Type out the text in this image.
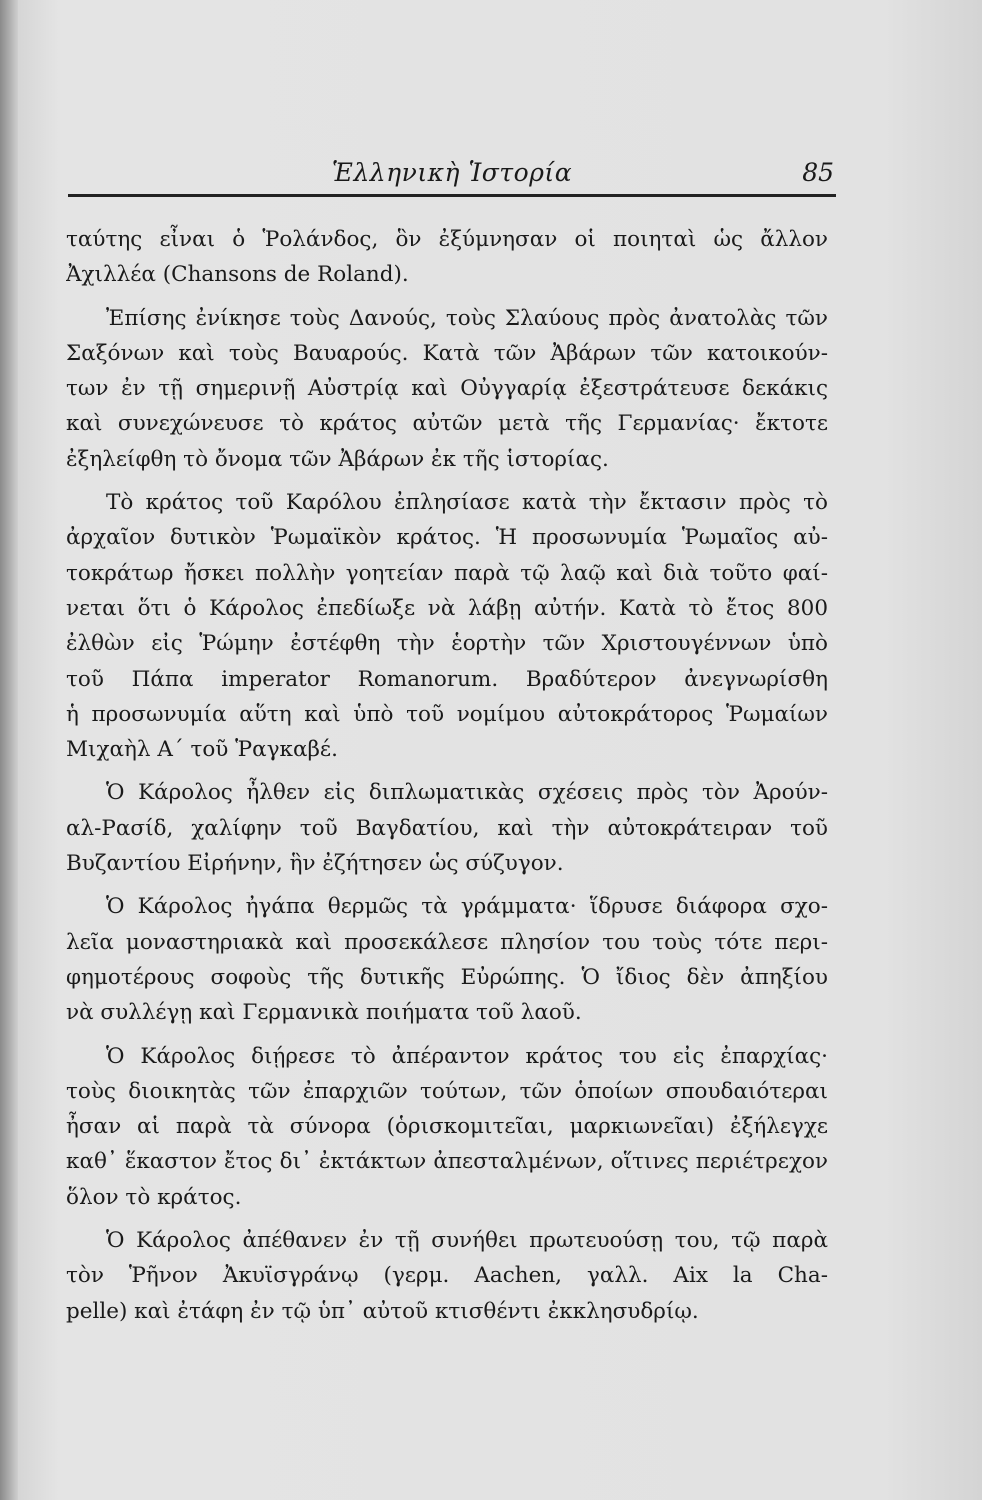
Ἑλληνικὴ Ἱστορία	85
ταύτης εἶναι ὁ Ῥολάνδος, ὃν ἐξύμνησαν οἱ ποιηταὶ ὡς ἄλλον
Ἀχιλλέα (Chansons de Roland).
Ἐπίσης ἐνίκησε τοὺς Δανούς, τοὺς Σλαύους πρὸς ἀνατολὰς τῶν
Σαξόνων καὶ τοὺς Βαυαρούς. Κατὰ τῶν Ἀβάρων τῶν κατοικούν-
των ἐν τῇ σημερινῇ Αὐστρίᾳ καὶ Οὐγγαρίᾳ ἐξεστράτευσε δεκάκις
καὶ συνεχώνευσε τὸ κράτος αὐτῶν μετὰ τῆς Γερμανίας· ἔκτοτε
ἐξηλείφθη τὸ ὄνομα τῶν Ἀβάρων ἐκ τῆς ἱστορίας.
Τὸ κράτος τοῦ Καρόλου ἐπλησίασε κατὰ τὴν ἔκτασιν πρὸς τὸ
ἀρχαῖον δυτικὸν Ῥωμαϊκὸν κράτος. Ἡ προσωνυμία Ῥωμαῖος αὐ-
τοκράτωρ ἤσκει πολλὴν γοητείαν παρὰ τῷ λαῷ καὶ διὰ τοῦτο φαί-
νεται ὅτι ὁ Κάρολος ἐπεδίωξε νὰ λάβῃ αὐτήν. Κατὰ τὸ ἔτος 800
ἐλθὼν εἰς Ῥώμην ἐστέφθη τὴν ἑορτὴν τῶν Χριστουγέννων ὑπὸ
τοῦ Πάπα imperator Romanorum. Βραδύτερον ἀνεγνωρίσθη
ἡ προσωνυμία αὕτη καὶ ὑπὸ τοῦ νομίμου αὐτοκράτορος Ῥωμαίων
Μιχαὴλ Α΄ τοῦ Ῥαγκαβέ.
Ὁ Κάρολος ἦλθεν εἰς διπλωματικὰς σχέσεις πρὸς τὸν Ἀρούν-
αλ-Ρασίδ, χαλίφην τοῦ Βαγδατίου, καὶ τὴν αὐτοκράτειραν τοῦ
Βυζαντίου Εἰρήνην, ἣν ἐζήτησεν ὡς σύζυγον.
Ὁ Κάρολος ἠγάπα θερμῶς τὰ γράμματα· ἵδρυσε διάφορα σχο-
λεῖα μοναστηριακὰ καὶ προσεκάλεσε πλησίον του τοὺς τότε περι-
φημοτέρους σοφοὺς τῆς δυτικῆς Εὐρώπης. Ὁ ἴδιος δὲν ἀπηξίου
νὰ συλλέγῃ καὶ Γερμανικὰ ποιήματα τοῦ λαοῦ.
Ὁ Κάρολος διῄρεσε τὸ ἀπέραντον κράτος του εἰς ἐπαρχίας·
τοὺς διοικητὰς τῶν ἐπαρχιῶν τούτων, τῶν ὁποίων σπουδαιότεραι
ἦσαν αἱ παρὰ τὰ σύνορα (ὁρισκομιτεῖαι, μαρκιωνεῖαι) ἐξήλεγχε
καθ᾽ ἕκαστον ἔτος δι᾽ ἐκτάκτων ἀπεσταλμένων, οἵτινες περιέτρεχον
ὅλον τὸ κράτος.
Ὁ Κάρολος ἀπέθανεν ἐν τῇ συνήθει πρωτευούσῃ του, τῷ παρὰ
τὸν Ῥῆνον Ἀκυϊσγράνῳ (γερμ. Aachen, γαλλ. Aix la Cha-
pelle) καὶ ἐτάφη ἐν τῷ ὑπ᾽ αὐτοῦ κτισθέντι ἐκκλησυδρίῳ.
